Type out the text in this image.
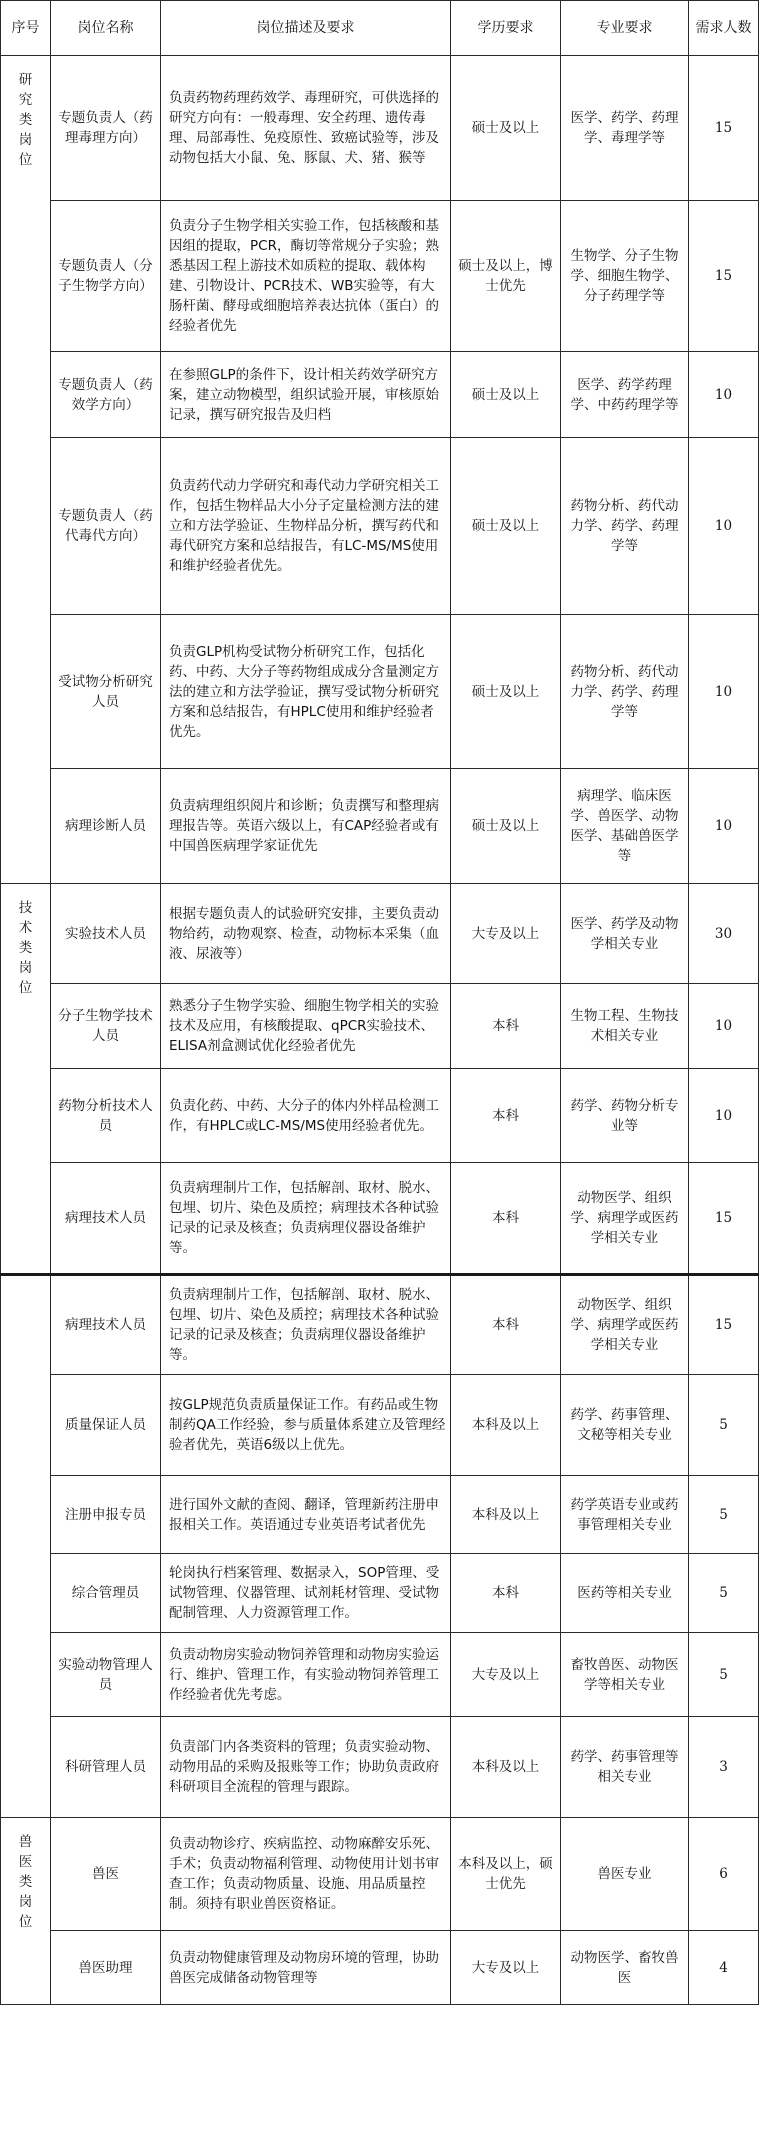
序号	岗位名称	岗位描述及要求	学历要求	专业要求	需求人数
研究类岗位	专题负责人（药理毒理方向）	负责药物药理药效学、毒理研究，可供选择的研究方向有：一般毒理、安全药理、遗传毒理、局部毒性、免疫原性、致癌试验等，涉及动物包括大小鼠、兔、豚鼠、犬、猪、猴等	硕士及以上	医学、药学、药理学、毒理学等	15
	专题负责人（分子生物学方向）	负责分子生物学相关实验工作，包括核酸和基因组的提取，PCR，酶切等常规分子实验；熟悉基因工程上游技术如质粒的提取、载体构建、引物设计、PCR技术、WB实验等，有大肠杆菌、酵母或细胞培养表达抗体（蛋白）的经验者优先	硕士及以上，博士优先	生物学、分子生物学、细胞生物学、分子药理学等	15
	专题负责人（药效学方向）	在参照GLP的条件下，设计相关药效学研究方案，建立动物模型，组织试验开展，审核原始记录，撰写研究报告及归档	硕士及以上	医学、药学药理学、中药药理学等	10
	专题负责人（药代毒代方向）	负责药代动力学研究和毒代动力学研究相关工作，包括生物样品大小分子定量检测方法的建立和方法学验证、生物样品分析，撰写药代和毒代研究方案和总结报告，有LC-MS/MS使用和维护经验者优先。	硕士及以上	药物分析、药代动力学、药学、药理学等	10
	受试物分析研究人员	负责GLP机构受试物分析研究工作，包括化药、中药、大分子等药物组成成分含量测定方法的建立和方法学验证，撰写受试物分析研究方案和总结报告，有HPLC使用和维护经验者优先。	硕士及以上	药物分析、药代动力学、药学、药理学等	10
	病理诊断人员	负责病理组织阅片和诊断；负责撰写和整理病理报告等。英语六级以上，有CAP经验者或有中国兽医病理学家证优先	硕士及以上	病理学、临床医学、兽医学、动物医学、基础兽医学等	10
技术类岗位	实验技术人员	根据专题负责人的试验研究安排，主要负责动物给药，动物观察、检查，动物标本采集（血液、尿液等）	大专及以上	医学、药学及动物学相关专业	30
	分子生物学技术人员	熟悉分子生物学实验、细胞生物学相关的实验技术及应用，有核酸提取、qPCR实验技术、ELISA剂盒测试优化经验者优先	本科	生物工程、生物技术相关专业	10
	药物分析技术人员	负责化药、中药、大分子的体内外样品检测工作，有HPLC或LC-MS/MS使用经验者优先。	本科	药学、药物分析专业等	10
	病理技术人员	负责病理制片工作，包括解剖、取材、脱水、包埋、切片、染色及质控；病理技术各种试验记录的记录及核查；负责病理仪器设备维护等。	本科	动物医学、组织学、病理学或医药学相关专业	15
	病理技术人员	负责病理制片工作，包括解剖、取材、脱水、包埋、切片、染色及质控；病理技术各种试验记录的记录及核查；负责病理仪器设备维护等。	本科	动物医学、组织学、病理学或医药学相关专业	15
	质量保证人员	按GLP规范负责质量保证工作。有药品或生物制药QA工作经验，参与质量体系建立及管理经验者优先，英语6级以上优先。	本科及以上	药学、药事管理、文秘等相关专业	5
	注册申报专员	进行国外文献的查阅、翻译，管理新药注册申报相关工作。英语通过专业英语考试者优先	本科及以上	药学英语专业或药事管理相关专业	5
	综合管理员	轮岗执行档案管理、数据录入，SOP管理、受试物管理、仪器管理、试剂耗材管理、受试物配制管理、人力资源管理工作。	本科	医药等相关专业	5
	实验动物管理人员	负责动物房实验动物饲养管理和动物房实验运行、维护、管理工作，有实验动物饲养管理工作经验者优先考虑。	大专及以上	畜牧兽医、动物医学等相关专业	5
	科研管理人员	负责部门内各类资料的管理；负责实验动物、动物用品的采购及报账等工作；协助负责政府科研项目全流程的管理与跟踪。	本科及以上	药学、药事管理等相关专业	3
兽医类岗位	兽医	负责动物诊疗、疾病监控、动物麻醉安乐死、手术；负责动物福利管理、动物使用计划书审查工作；负责动物质量、设施、用品质量控制。须持有职业兽医资格证。	本科及以上，硕士优先	兽医专业	6
	兽医助理	负责动物健康管理及动物房环境的管理，协助兽医完成储备动物管理等	大专及以上	动物医学、畜牧兽医	4
